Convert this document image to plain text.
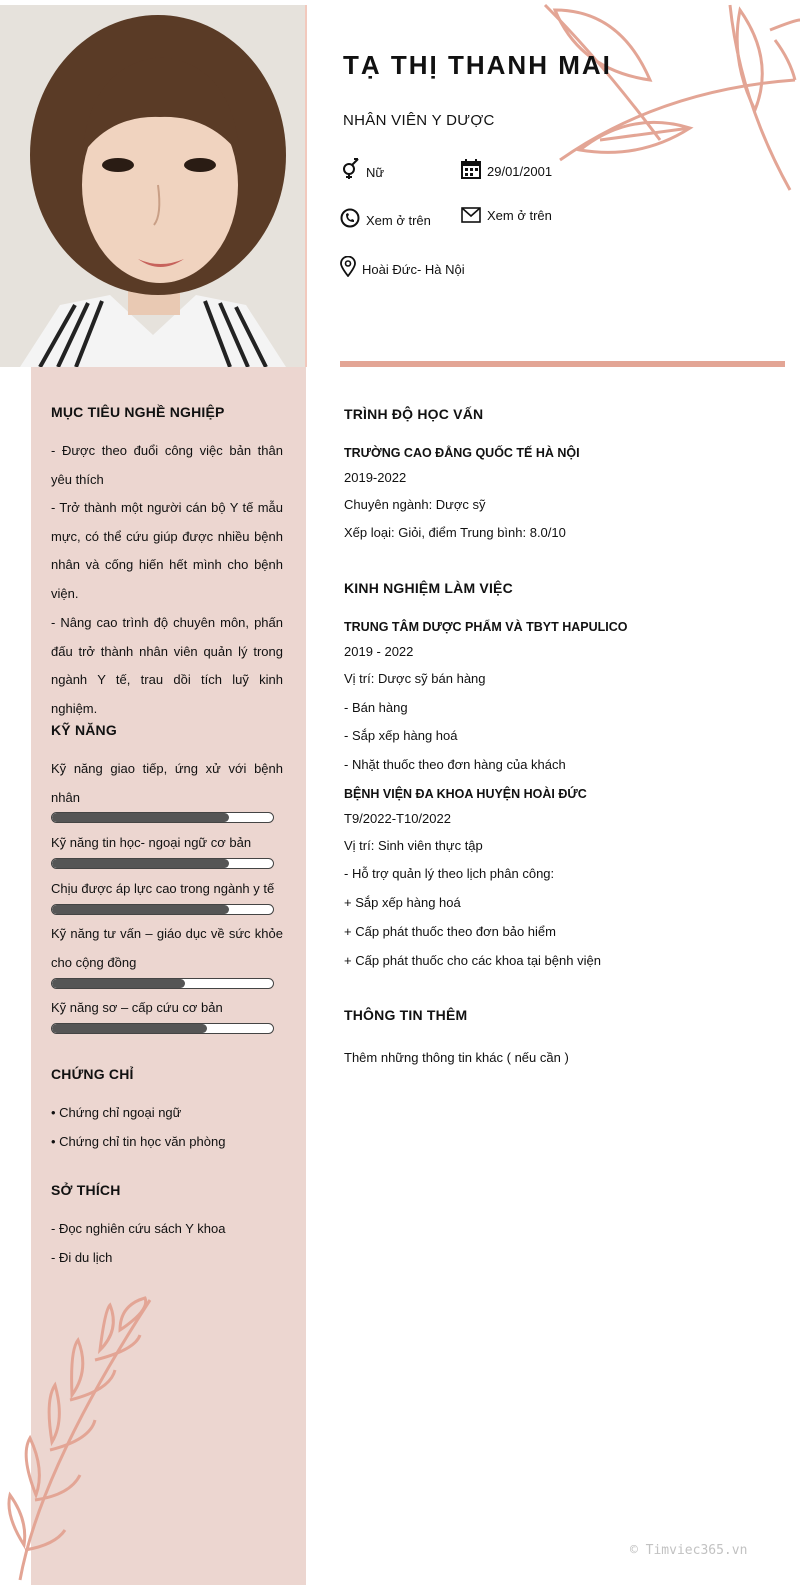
TẠ THỊ THANH MAI
NHÂN VIÊN Y DƯỢC
Nữ	29/01/2001
Xem ở trên	Xem ở trên
Hoài Đức- Hà Nội
MỤC TIÊU NGHỀ NGHIỆP
- Được theo đuổi công việc bản thân yêu thích
- Trở thành một người cán bộ Y tế mẫu mực, có thể cứu giúp được nhiều bệnh nhân và cống hiến hết mình cho bệnh viện.
- Nâng cao trình độ chuyên môn, phấn đấu trở thành nhân viên quản lý trong ngành Y tế, trau dồi tích luỹ kinh nghiệm.
KỸ NĂNG
Kỹ năng giao tiếp, ứng xử với bệnh nhân
Kỹ năng tin học- ngoại ngữ cơ bản
Chịu được áp lực cao trong ngành y tế
Kỹ năng tư vấn – giáo dục về sức khỏe cho cộng đồng
Kỹ năng sơ – cấp cứu cơ bản
CHỨNG CHỈ
• Chứng chỉ ngoại ngữ
• Chứng chỉ tin học văn phòng
SỞ THÍCH
- Đọc nghiên cứu sách Y khoa
- Đi du lịch
TRÌNH ĐỘ HỌC VẤN
TRƯỜNG CAO ĐẲNG QUỐC TẾ HÀ NỘI
2019-2022
Chuyên ngành: Dược sỹ
Xếp loại: Giỏi, điểm Trung bình: 8.0/10
KINH NGHIỆM LÀM VIỆC
TRUNG TÂM DƯỢC PHẨM VÀ TBYT HAPULICO
2019 - 2022
Vị trí: Dược sỹ bán hàng
- Bán hàng
- Sắp xếp hàng hoá
- Nhặt thuốc theo đơn hàng của khách
BỆNH VIỆN ĐA KHOA HUYỆN HOÀI ĐỨC
T9/2022-T10/2022
Vị trí: Sinh viên thực tập
- Hỗ trợ quản lý theo lịch phân công:
+ Sắp xếp hàng hoá
+ Cấp phát thuốc theo đơn bảo hiểm
+ Cấp phát thuốc cho các khoa tại bệnh viện
THÔNG TIN THÊM
Thêm những thông tin khác ( nếu cần )
© Timviec365.vn
